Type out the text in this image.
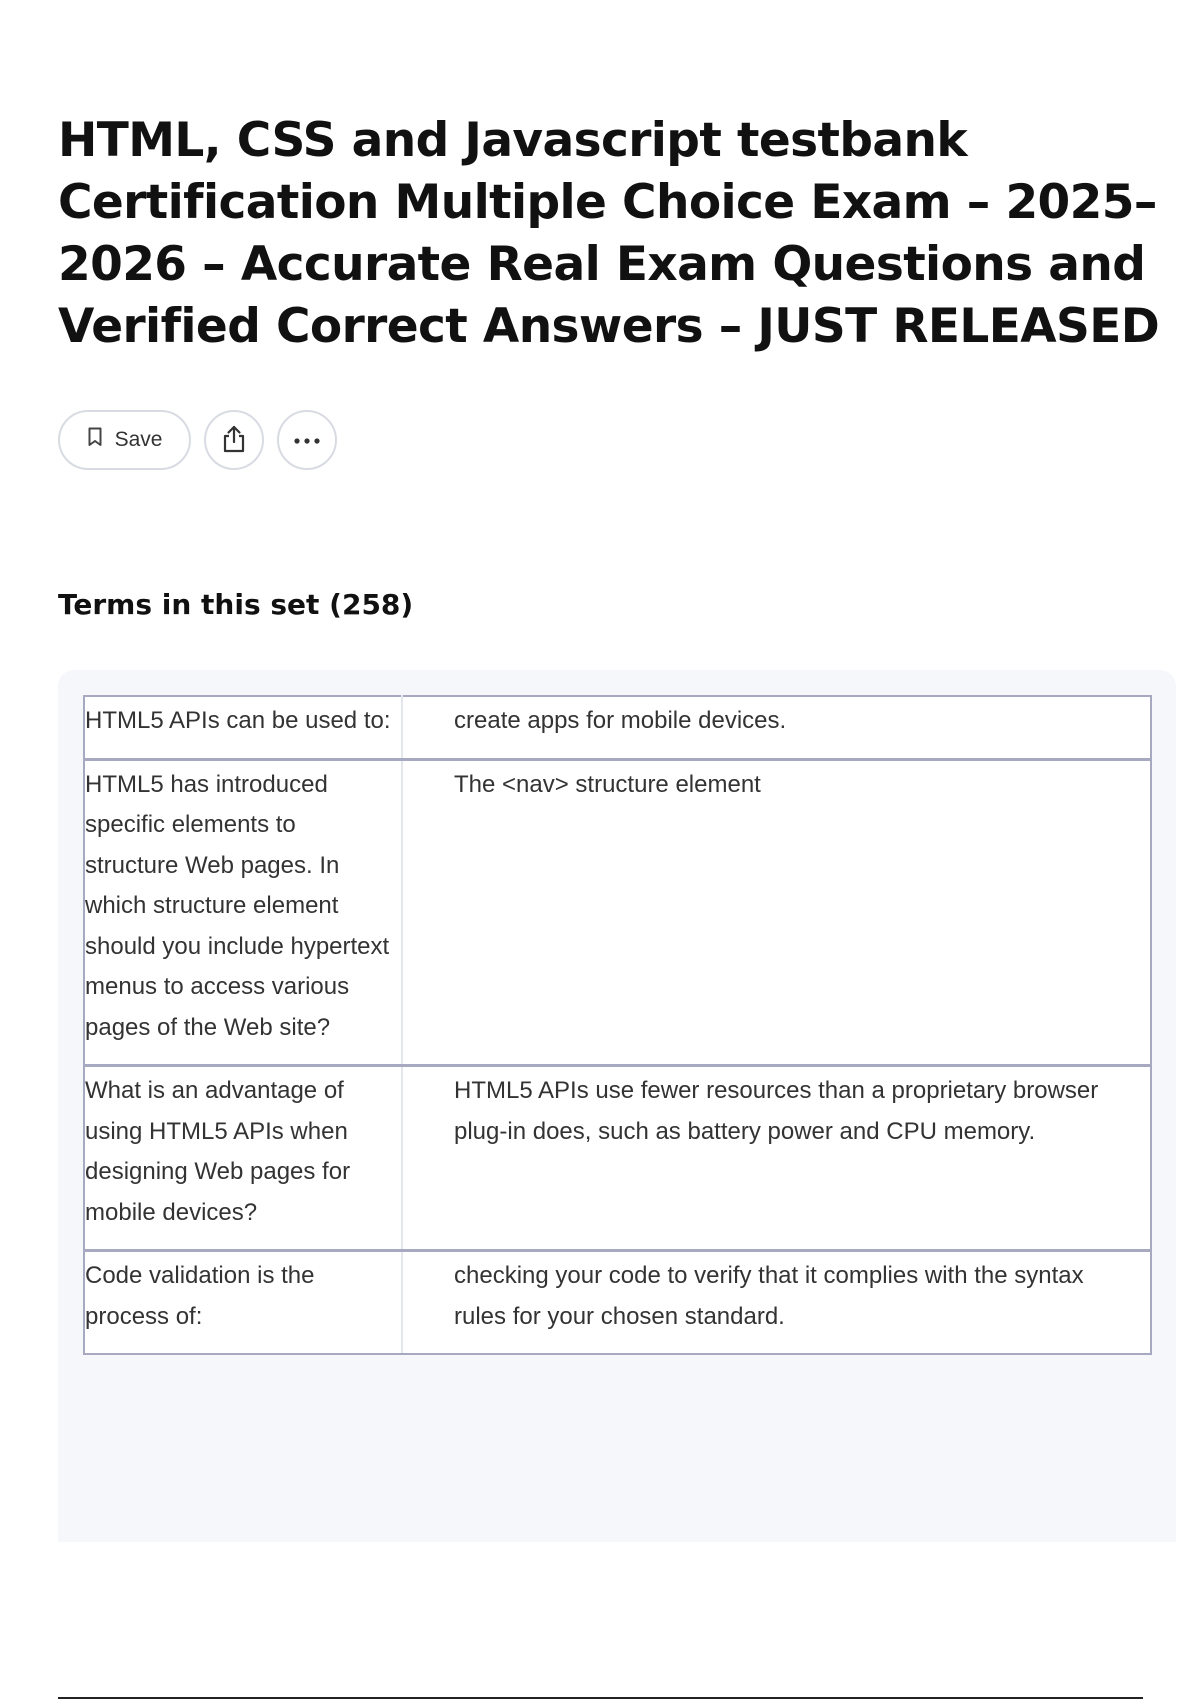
HTML, CSS and Javascript testbank Certification Multiple Choice Exam – 2025–2026 – Accurate Real Exam Questions and Verified Correct Answers – JUST RELEASED
Save
Terms in this set (258)
HTML5 APIs can be used to:	create apps for mobile devices.
HTML5 has introduced specific elements to structure Web pages. In which structure element should you include hypertext menus to access various pages of the Web site?	The <nav> structure element
What is an advantage of using HTML5 APIs when designing Web pages for mobile devices?	HTML5 APIs use fewer resources than a proprietary browser plug-in does, such as battery power and CPU memory.
Code validation is the process of:	checking your code to verify that it complies with the syntax rules for your chosen standard.
